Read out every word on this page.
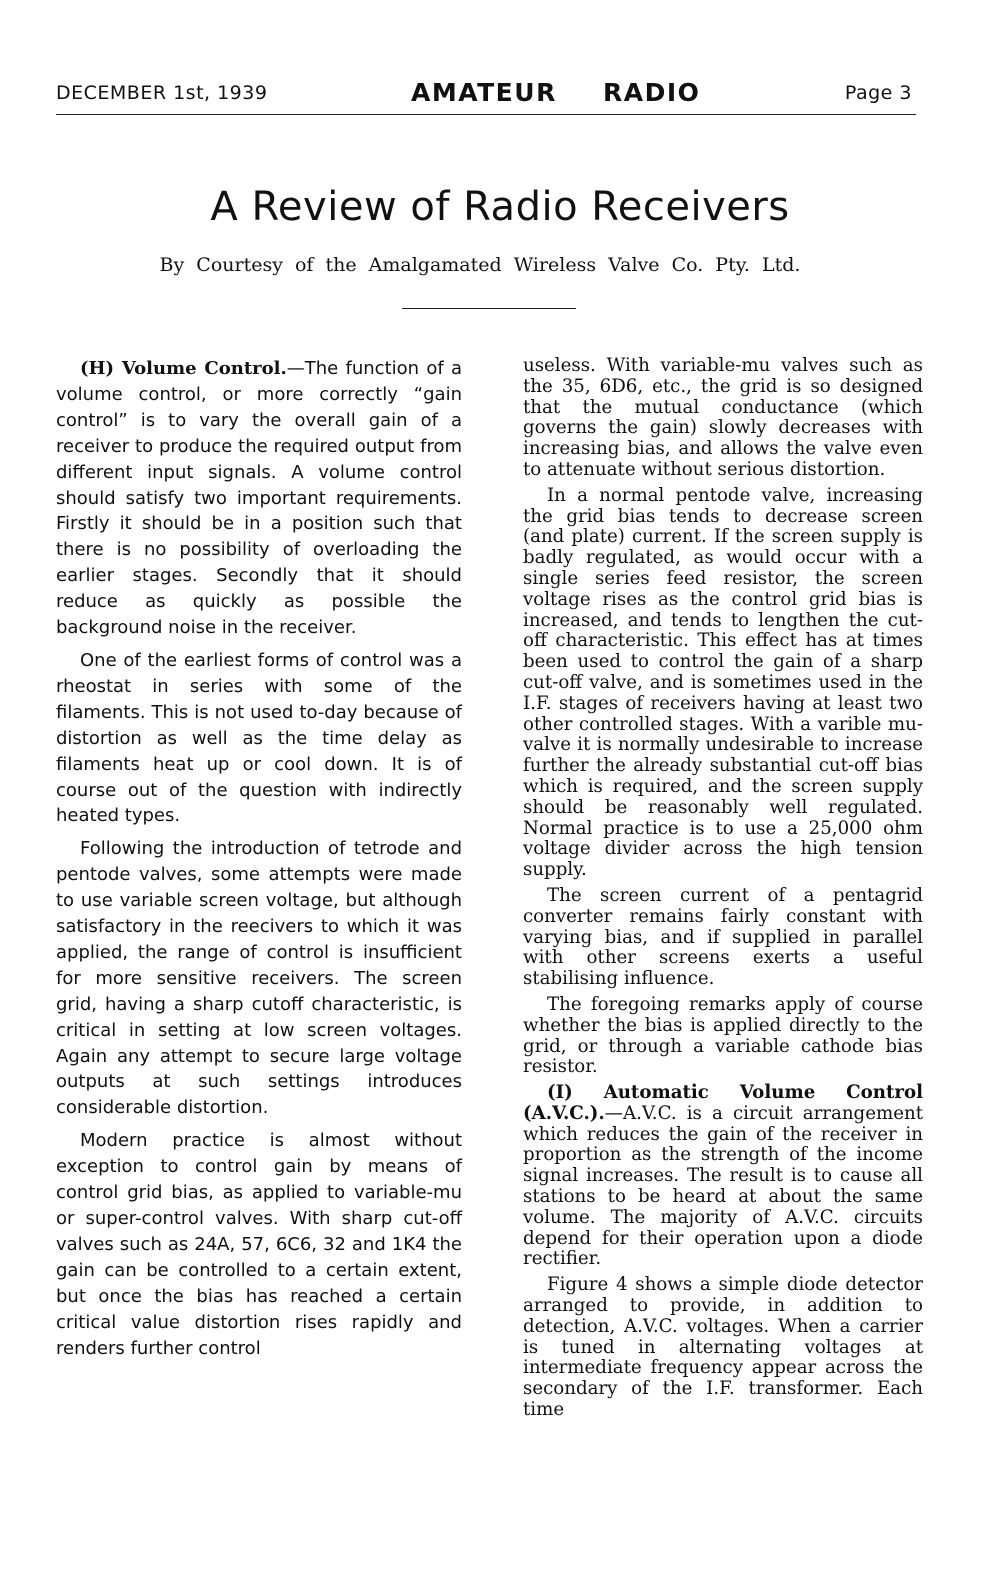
DECEMBER 1st, 1939	AMATEUR RADIO	Page 3
A Review of Radio Receivers
By Courtesy of the Amalgamated Wireless Valve Co. Pty. Ltd.

(H) Volume Control.—The function of a volume control, or more correctly “gain control” is to vary the overall gain of a receiver to produce the required output from different input signals. A volume control should satisfy two important requirements. Firstly it should be in a position such that there is no possibility of overloading the earlier stages. Secondly that it should reduce as quickly as possible the background noise in the receiver.

One of the earliest forms of control was a rheostat in series with some of the filaments. This is not used to-day because of distortion as well as the time delay as filaments heat up or cool down. It is of course out of the question with indirectly heated types.

Following the introduction of tetrode and pentode valves, some attempts were made to use variable screen voltage, but although satisfactory in the reecivers to which it was applied, the range of control is insufficient for more sensitive receivers. The screen grid, having a sharp cutoff characteristic, is critical in setting at low screen voltages. Again any attempt to secure large voltage outputs at such settings introduces considerable distortion.

Modern practice is almost without exception to control gain by means of control grid bias, as applied to variable-mu or super-control valves. With sharp cut-off valves such as 24A, 57, 6C6, 32 and 1K4 the gain can be controlled to a certain extent, but once the bias has reached a certain critical value distortion rises rapidly and renders further control

useless. With variable-mu valves such as the 35, 6D6, etc., the grid is so designed that the mutual conductance (which governs the gain) slowly decreases with increasing bias, and allows the valve even to attenuate without serious distortion.

In a normal pentode valve, increasing the grid bias tends to decrease screen (and plate) current. If the screen supply is badly regulated, as would occur with a single series feed resistor, the screen voltage rises as the control grid bias is increased, and tends to lengthen the cut-off characteristic. This effect has at times been used to control the gain of a sharp cut-off valve, and is sometimes used in the I.F. stages of receivers having at least two other controlled stages. With a varible mu-valve it is normally undesirable to increase further the already substantial cut-off bias which is required, and the screen supply should be reasonably well regulated. Normal practice is to use a 25,000 ohm voltage divider across the high tension supply.

The screen current of a pentagrid converter remains fairly constant with varying bias, and if supplied in parallel with other screens exerts a useful stabilising influence.

The foregoing remarks apply of course whether the bias is applied directly to the grid, or through a variable cathode bias resistor.

(I) Automatic Volume Control (A.V.C.).—A.V.C. is a circuit arrangement which reduces the gain of the receiver in proportion as the strength of the income signal increases. The result is to cause all stations to be heard at about the same volume. The majority of A.V.C. circuits depend for their operation upon a diode rectifier.

Figure 4 shows a simple diode detector arranged to provide, in addition to detection, A.V.C. voltages. When a carrier is tuned in alternating voltages at intermediate frequency appear across the secondary of the I.F. transformer. Each time
